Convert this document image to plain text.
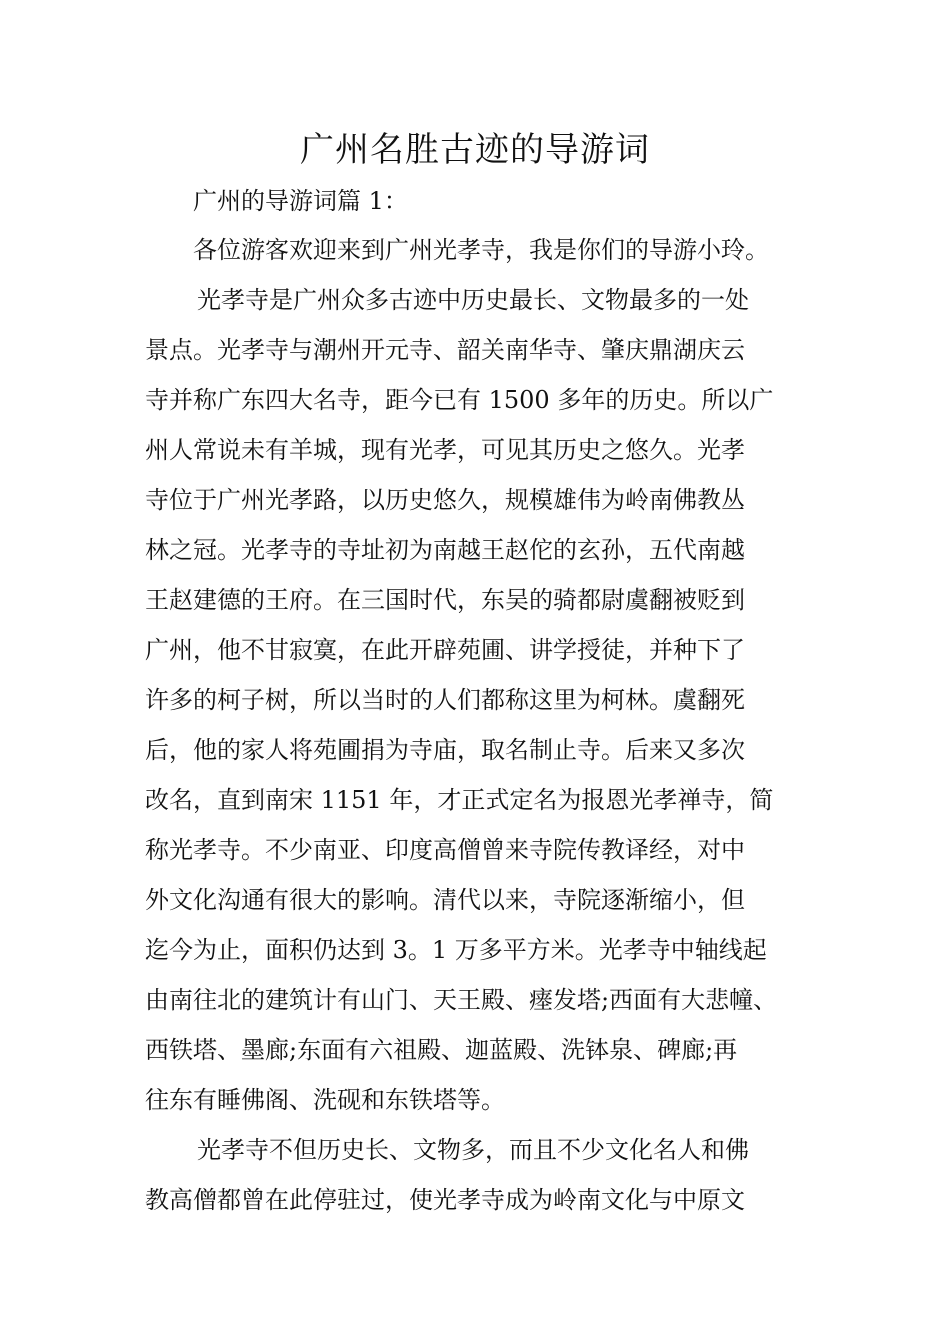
广州名胜古迹的导游词
广州的导游词篇 1：
各位游客欢迎来到广州光孝寺，我是你们的导游小玲。
光孝寺是广州众多古迹中历史最长、文物最多的一处
景点。光孝寺与潮州开元寺、韶关南华寺、肇庆鼎湖庆云
寺并称广东四大名寺，距今已有 1500 多年的历史。所以广
州人常说未有羊城，现有光孝，可见其历史之悠久。光孝
寺位于广州光孝路，以历史悠久，规模雄伟为岭南佛教丛
林之冠。光孝寺的寺址初为南越王赵佗的玄孙，五代南越
王赵建德的王府。在三国时代，东吴的骑都尉虞翻被贬到
广州，他不甘寂寞，在此开辟苑圃、讲学授徒，并种下了
许多的柯子树，所以当时的人们都称这里为柯林。虞翻死
后，他的家人将苑圃捐为寺庙，取名制止寺。后来又多次
改名，直到南宋 1151 年，才正式定名为报恩光孝禅寺，简
称光孝寺。不少南亚、印度高僧曾来寺院传教译经，对中
外文化沟通有很大的影响。清代以来，寺院逐渐缩小，但
迄今为止，面积仍达到 3。1 万多平方米。光孝寺中轴线起
由南往北的建筑计有山门、天王殿、瘗发塔;西面有大悲幢、
西铁塔、墨廊;东面有六祖殿、迦蓝殿、洗钵泉、碑廊;再
往东有睡佛阁、洗砚和东铁塔等。
光孝寺不但历史长、文物多，而且不少文化名人和佛
教高僧都曾在此停驻过，使光孝寺成为岭南文化与中原文
